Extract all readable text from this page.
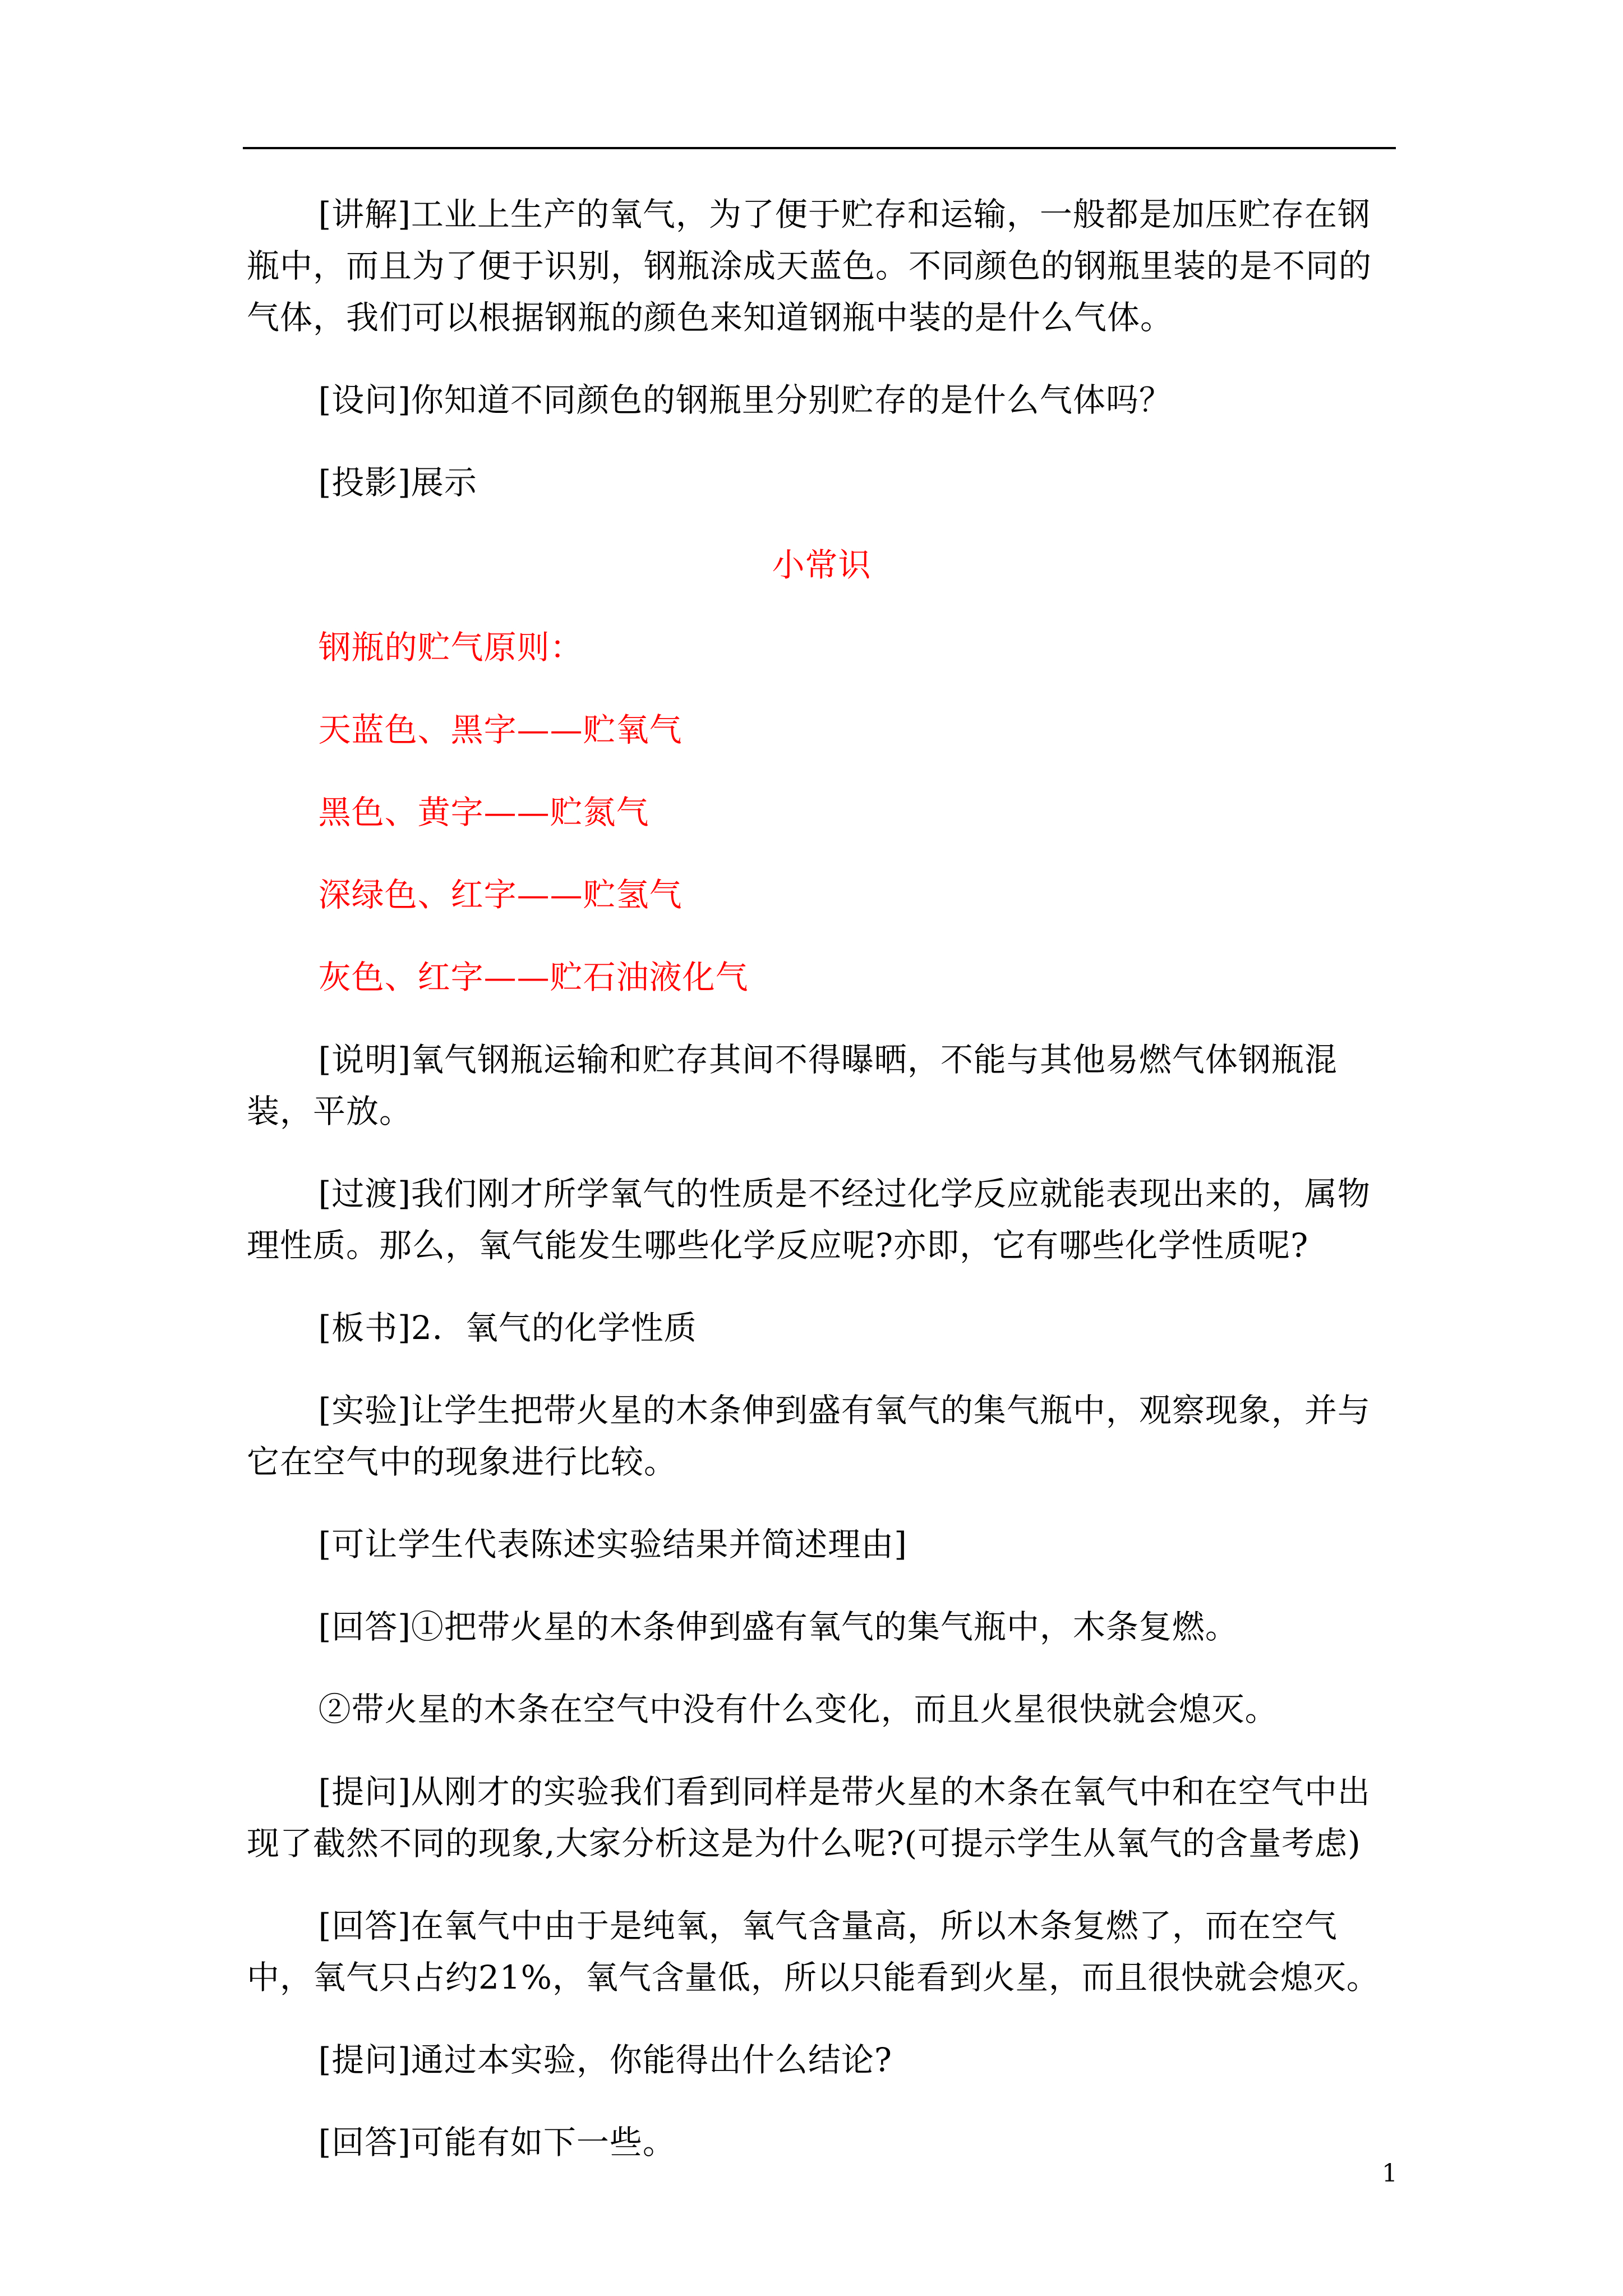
[讲解]工业上生产的氧气，为了便于贮存和运输，一般都是加压贮存在钢瓶中，而且为了便于识别，钢瓶涂成天蓝色。不同颜色的钢瓶里装的是不同的气体，我们可以根据钢瓶的颜色来知道钢瓶中装的是什么气体。

[设问]你知道不同颜色的钢瓶里分别贮存的是什么气体吗？

[投影]展示

小常识

钢瓶的贮气原则：

天蓝色、黑字——贮氧气

黑色、黄字——贮氮气

深绿色、红字——贮氢气

灰色、红字——贮石油液化气

[说明]氧气钢瓶运输和贮存其间不得曝晒，不能与其他易燃气体钢瓶混装，平放。

[过渡]我们刚才所学氧气的性质是不经过化学反应就能表现出来的，属物理性质。那么，氧气能发生哪些化学反应呢?亦即，它有哪些化学性质呢?

[板书]2．氧气的化学性质

[实验]让学生把带火星的木条伸到盛有氧气的集气瓶中，观察现象，并与它在空气中的现象进行比较。

[可让学生代表陈述实验结果并简述理由]

[回答]①把带火星的木条伸到盛有氧气的集气瓶中，木条复燃。

②带火星的木条在空气中没有什么变化，而且火星很快就会熄灭。

[提问]从刚才的实验我们看到同样是带火星的木条在氧气中和在空气中出现了截然不同的现象,大家分析这是为什么呢?(可提示学生从氧气的含量考虑)

[回答]在氧气中由于是纯氧，氧气含量高，所以木条复燃了，而在空气中，氧气只占约21%，氧气含量低，所以只能看到火星，而且很快就会熄灭。

[提问]通过本实验，你能得出什么结论?

[回答]可能有如下一些。

1
